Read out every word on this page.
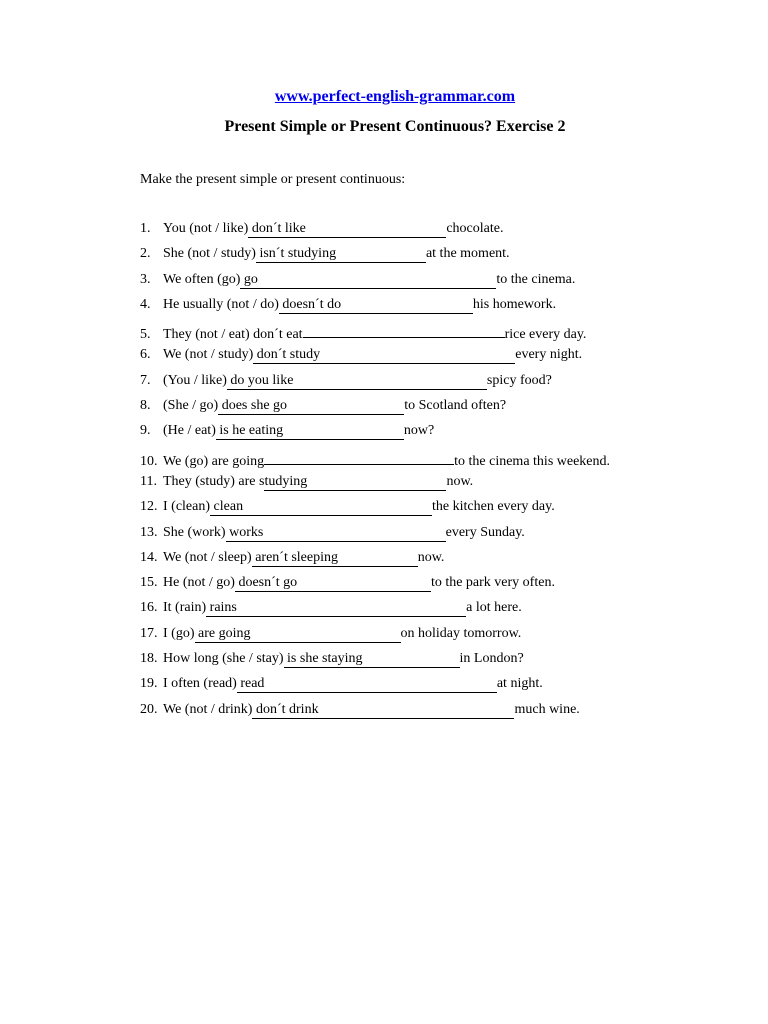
www.perfect-english-grammar.com
Present Simple or Present Continuous? Exercise 2
Make the present simple or present continuous:
1. You (not / like) don´t like	chocolate.
2. She (not / study) isn´t studying	at the moment.
3. We often (go) go	to the cinema.
4. He usually (not / do) doesn´t do	his homework.
5. They (not / eat) don´t eat	rice every day.
6. We (not / study) don´t study	every night.
7. (You / like) do you like	spicy food?
8. (She / go) does she go	to Scotland often?
9. (He / eat) is he eating	now?
10. We (go) are going	to the cinema this weekend.
11. They (study) are s tudying	now.
12. I (clean) clean	the kitchen every day.
13. She (work) works	every Sunday.
14. We (not / sleep) aren´t sleeping	now.
15. He (not / go) doesn´t go	to the park very often.
16. It (rain) rains	a lot here.
17. I (go) are going	on holiday tomorrow.
18. How long (she / stay) is she staying	in London?
19. I often (read) read	at night.
20. We (not / drink) don´t drink	much wine.
